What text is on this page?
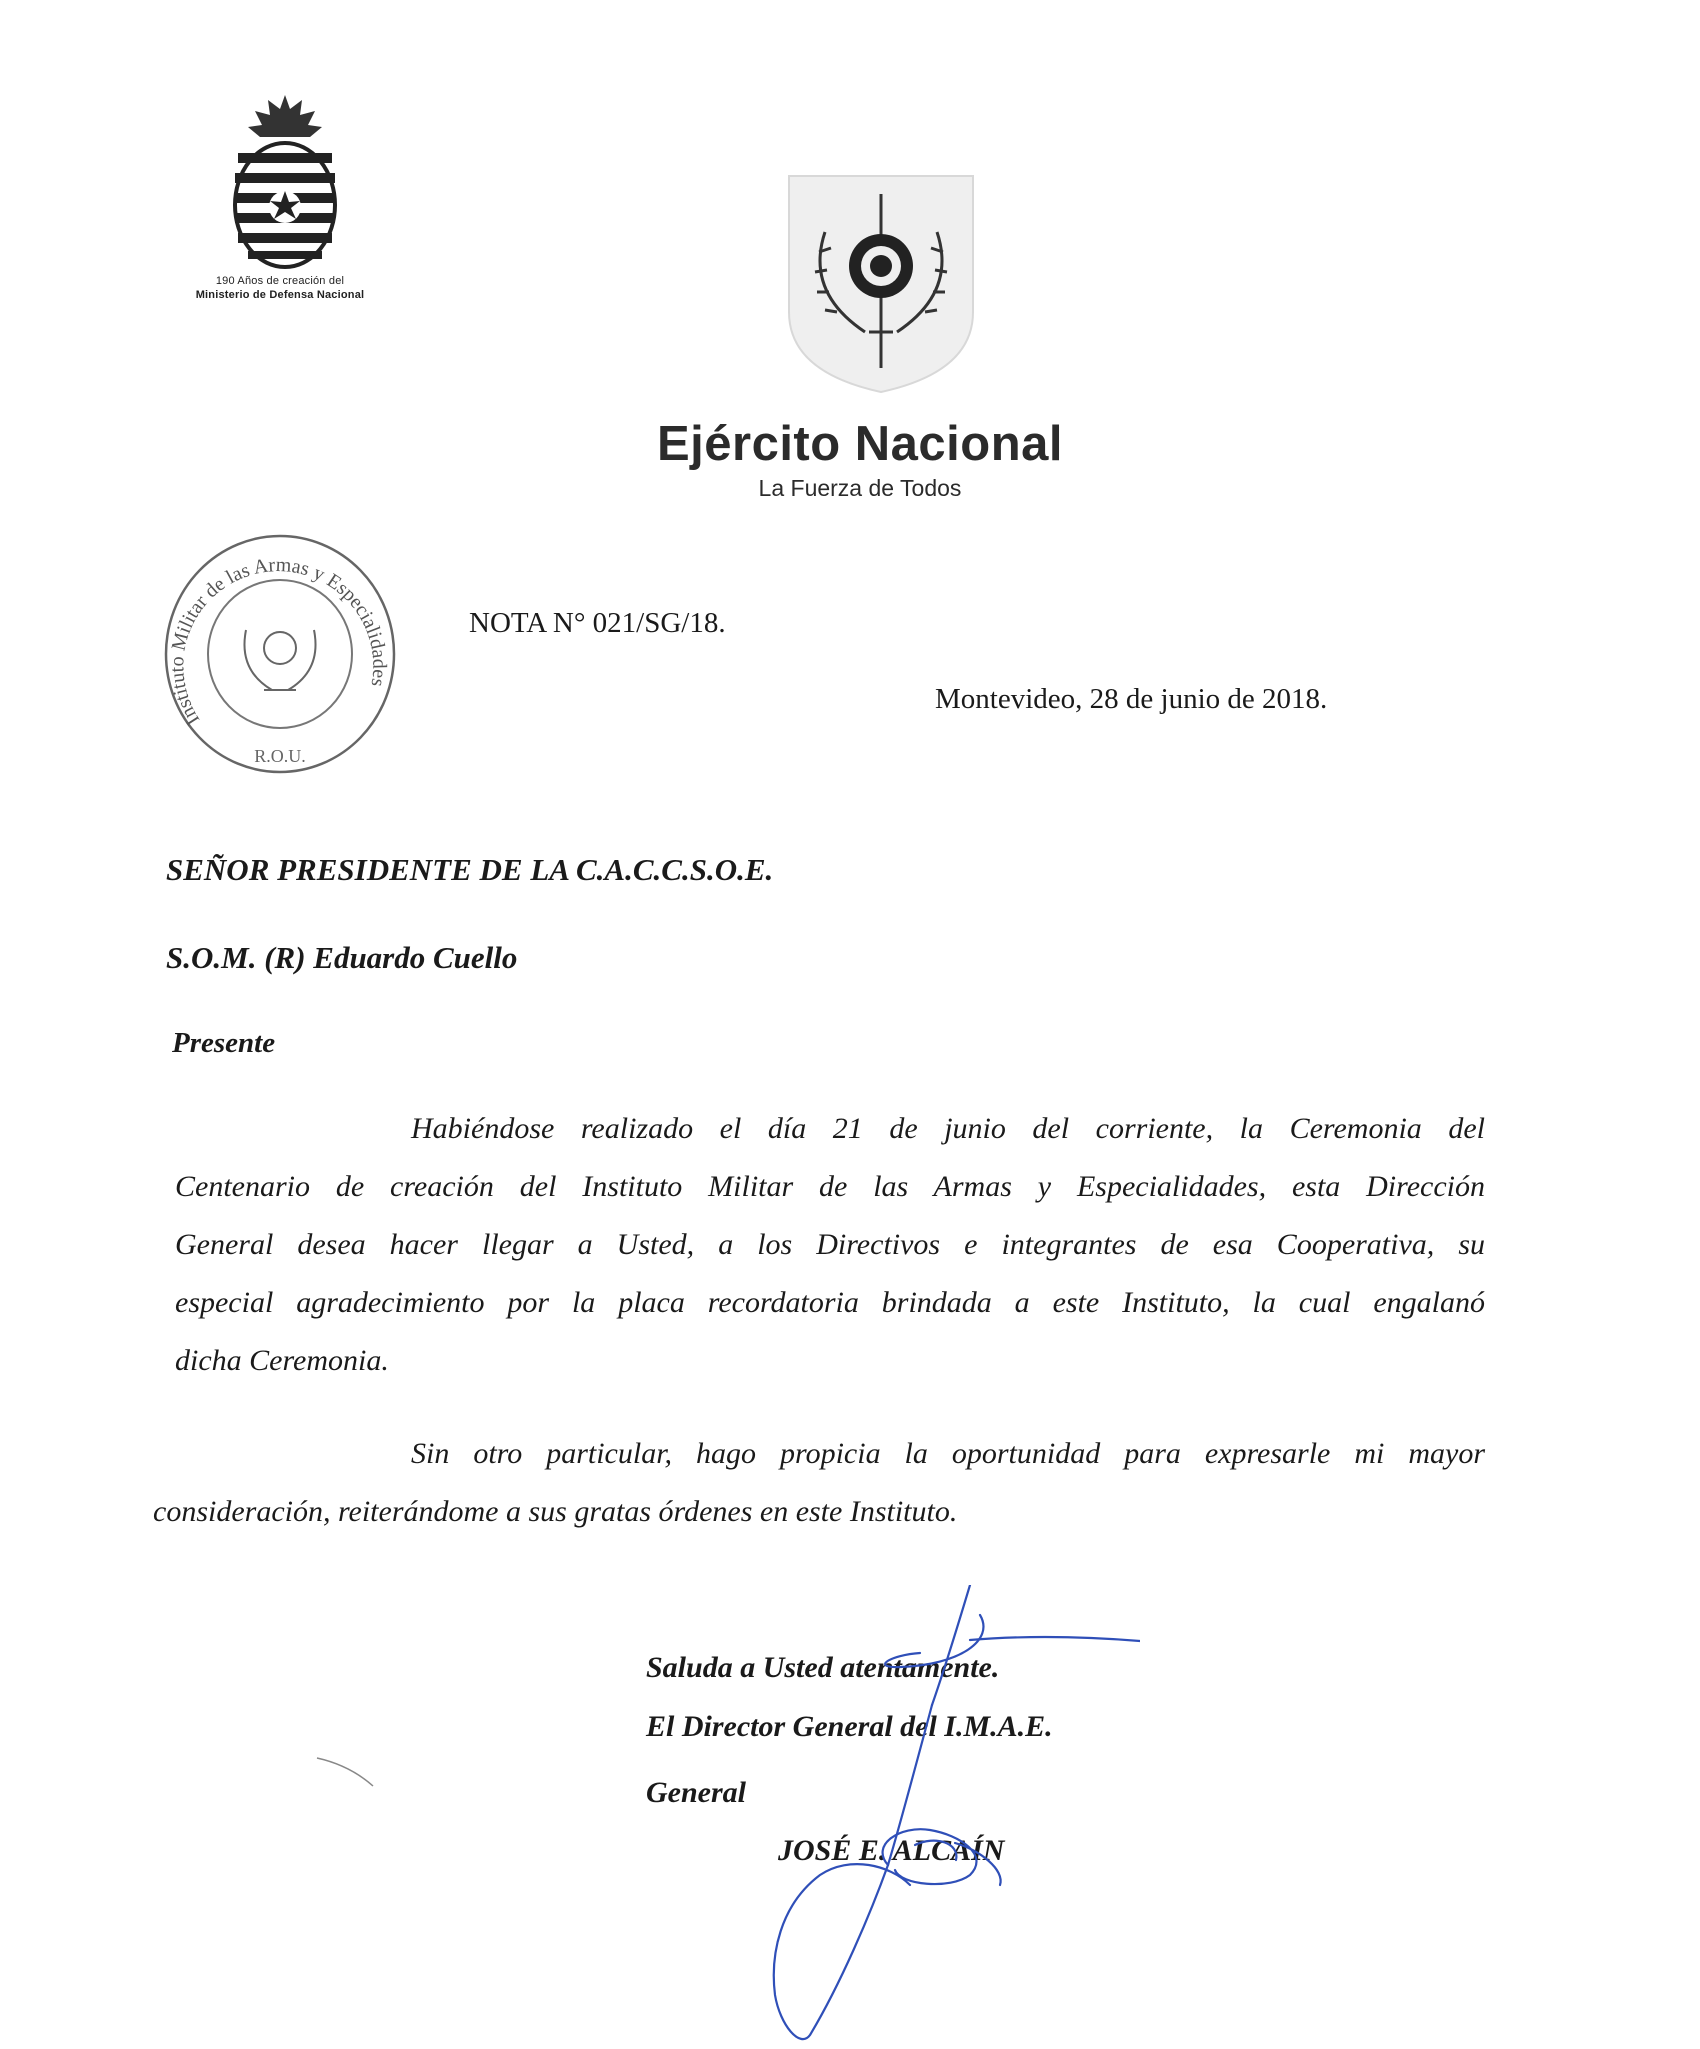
190 Años de creación del
Ministerio de Defensa Nacional
Ejército Nacional
La Fuerza de Todos
Instituto Militar de las Armas y Especialidades
R.O.U.
NOTA N° 021/SG/18.
Montevideo, 28 de junio de 2018.
SEÑOR PRESIDENTE DE LA C.A.C.C.S.O.E.
S.O.M. (R) Eduardo Cuello
Presente
Habiéndose realizado el día 21 de junio del corriente, la Ceremonia del
Centenario de creación del Instituto Militar de las Armas y Especialidades, esta Dirección
General desea hacer llegar a Usted, a los Directivos e integrantes de esa Cooperativa, su
especial agradecimiento por la placa recordatoria brindada a este Instituto, la cual engalanó
dicha Ceremonia.
Sin otro particular, hago propicia la oportunidad para expresarle mi mayor
consideración, reiterándome a sus gratas órdenes en este Instituto.
Saluda a Usted atentamente.
El Director General del I.M.A.E.
General
JOSÉ E. ALCAÍN
